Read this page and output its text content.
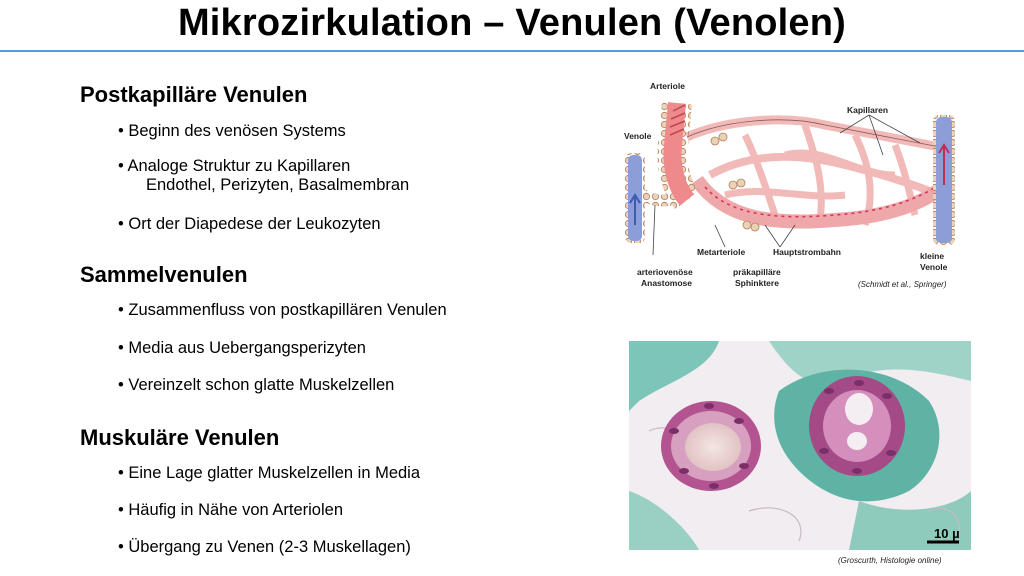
Mikrozirkulation – Venulen (Venolen)
Postkapilläre Venulen
• Beginn des venösen Systems
• Analoge Struktur zu Kapillaren
Endothel, Perizyten, Basalmembran
• Ort der Diapedese der Leukozyten
Sammelvenulen
• Zusammenfluss von postkapillären Venulen
• Media aus Uebergangsperizyten
• Vereinzelt schon glatte Muskelzellen
Muskuläre Venulen
• Eine Lage glatter Muskelzellen in Media
• Häufig in Nähe von Arteriolen
• Übergang zu Venen (2-3 Muskellagen)
Arteriole
Venole
Kapillaren
Metarteriole	Hauptstrombahn	kleine
Venole
arteriovenöse
Anastomose
präkapilläre
Sphinktere	(Schmidt et al., Springer)
10 µ
(Groscurth, Histologie online)
